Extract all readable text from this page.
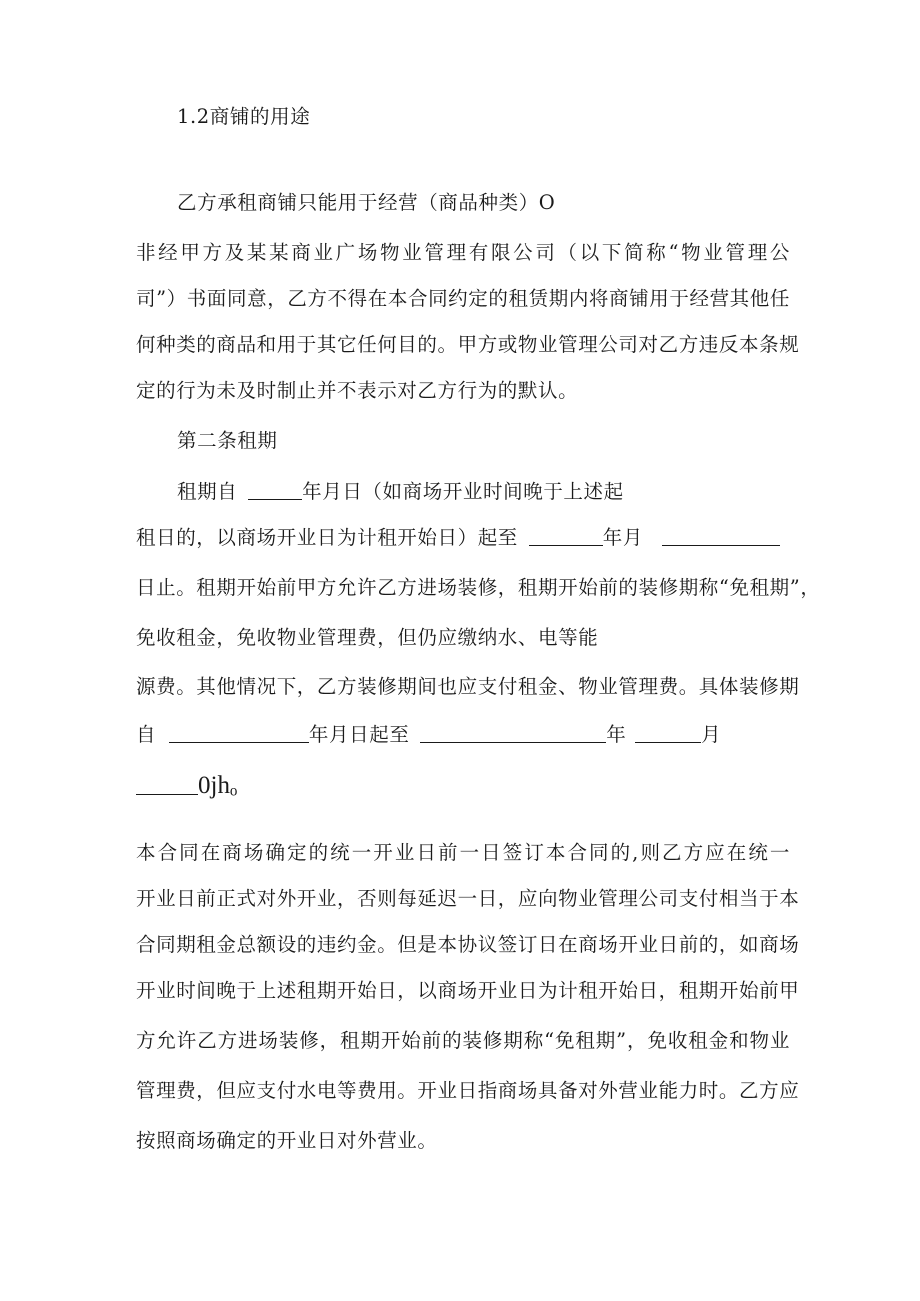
1.2商铺的用途
乙方承租商铺只能用于经营（商品种类）O
非经甲方及某某商业广场物业管理有限公司（以下简称“物业管理公
司”）书面同意，乙方不得在本合同约定的租赁期内将商铺用于经营其他任
何种类的商品和用于其它任何目的。甲方或物业管理公司对乙方违反本条规
定的行为未及时制止并不表示对乙方行为的默认。
第二条租期
租期自	年月日（如商场开业时间晚于上述起
租日的，以商场开业日为计租开始日）起至	年月
日止。租期开始前甲方允许乙方进场装修，租期开始前的装修期称“免租期”，
免收租金，免收物业管理费，但仍应缴纳水、电等能
源费。其他情况下，乙方装修期间也应支付租金、物业管理费。具体装修期
自	年月日起至	年	月
0jhₒ
本合同在商场确定的统一开业日前一日签订本合同的,则乙方应在统一
开业日前正式对外开业，否则每延迟一日，应向物业管理公司支付相当于本
合同期租金总额设的违约金。但是本协议签订日在商场开业日前的，如商场
开业时间晚于上述租期开始日，以商场开业日为计租开始日，租期开始前甲
方允许乙方进场装修，租期开始前的装修期称“免租期”，免收租金和物业
管理费，但应支付水电等费用。开业日指商场具备对外营业能力时。乙方应
按照商场确定的开业日对外营业。
